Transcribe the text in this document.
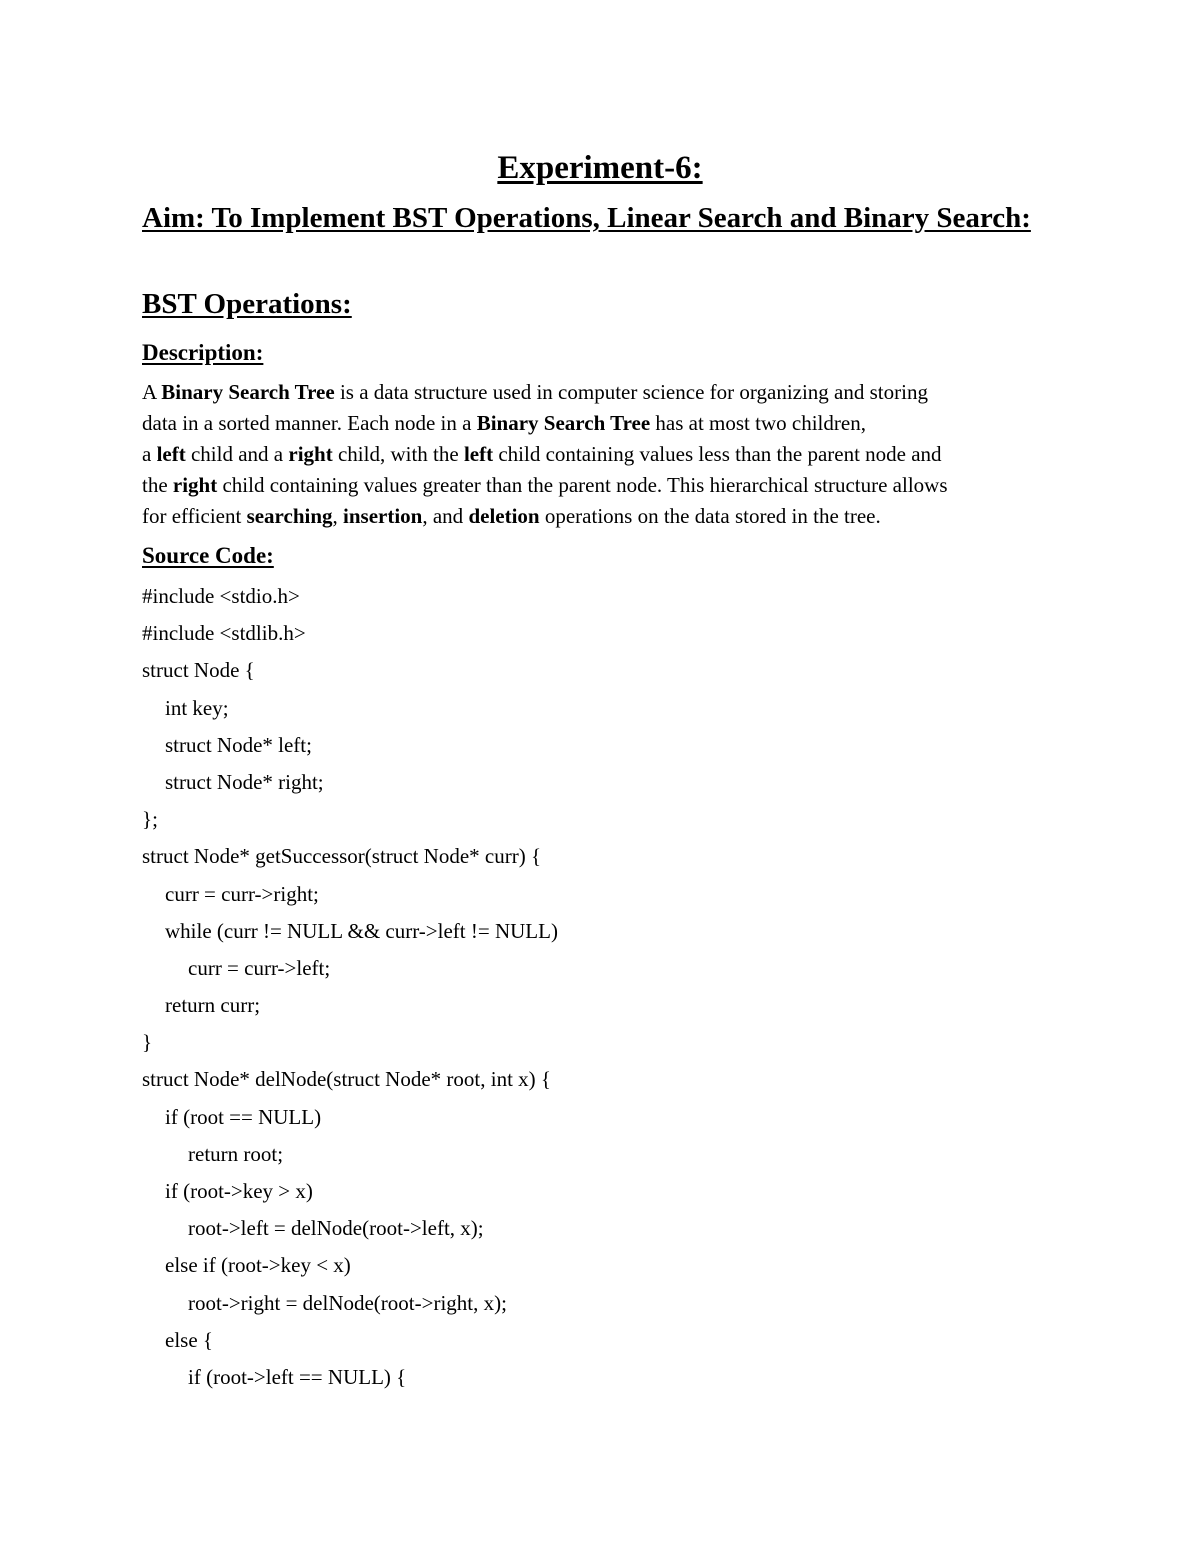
Experiment-6:
Aim: To Implement BST Operations, Linear Search and Binary Search:
BST Operations:
Description:
A Binary Search Tree is a data structure used in computer science for organizing and storing
data in a sorted manner. Each node in a Binary Search Tree has at most two children,
a left child and a right child, with the left child containing values less than the parent node and
the right child containing values greater than the parent node. This hierarchical structure allows
for efficient searching, insertion, and deletion operations on the data stored in the tree.
Source Code:
#include <stdio.h>
#include <stdlib.h>
struct Node {
int key;
struct Node* left;
struct Node* right;
};
struct Node* getSuccessor(struct Node* curr) {
curr = curr->right;
while (curr != NULL && curr->left != NULL)
curr = curr->left;
return curr;
}
struct Node* delNode(struct Node* root, int x) {
if (root == NULL)
return root;
if (root->key > x)
root->left = delNode(root->left, x);
else if (root->key < x)
root->right = delNode(root->right, x);
else {
if (root->left == NULL) {
